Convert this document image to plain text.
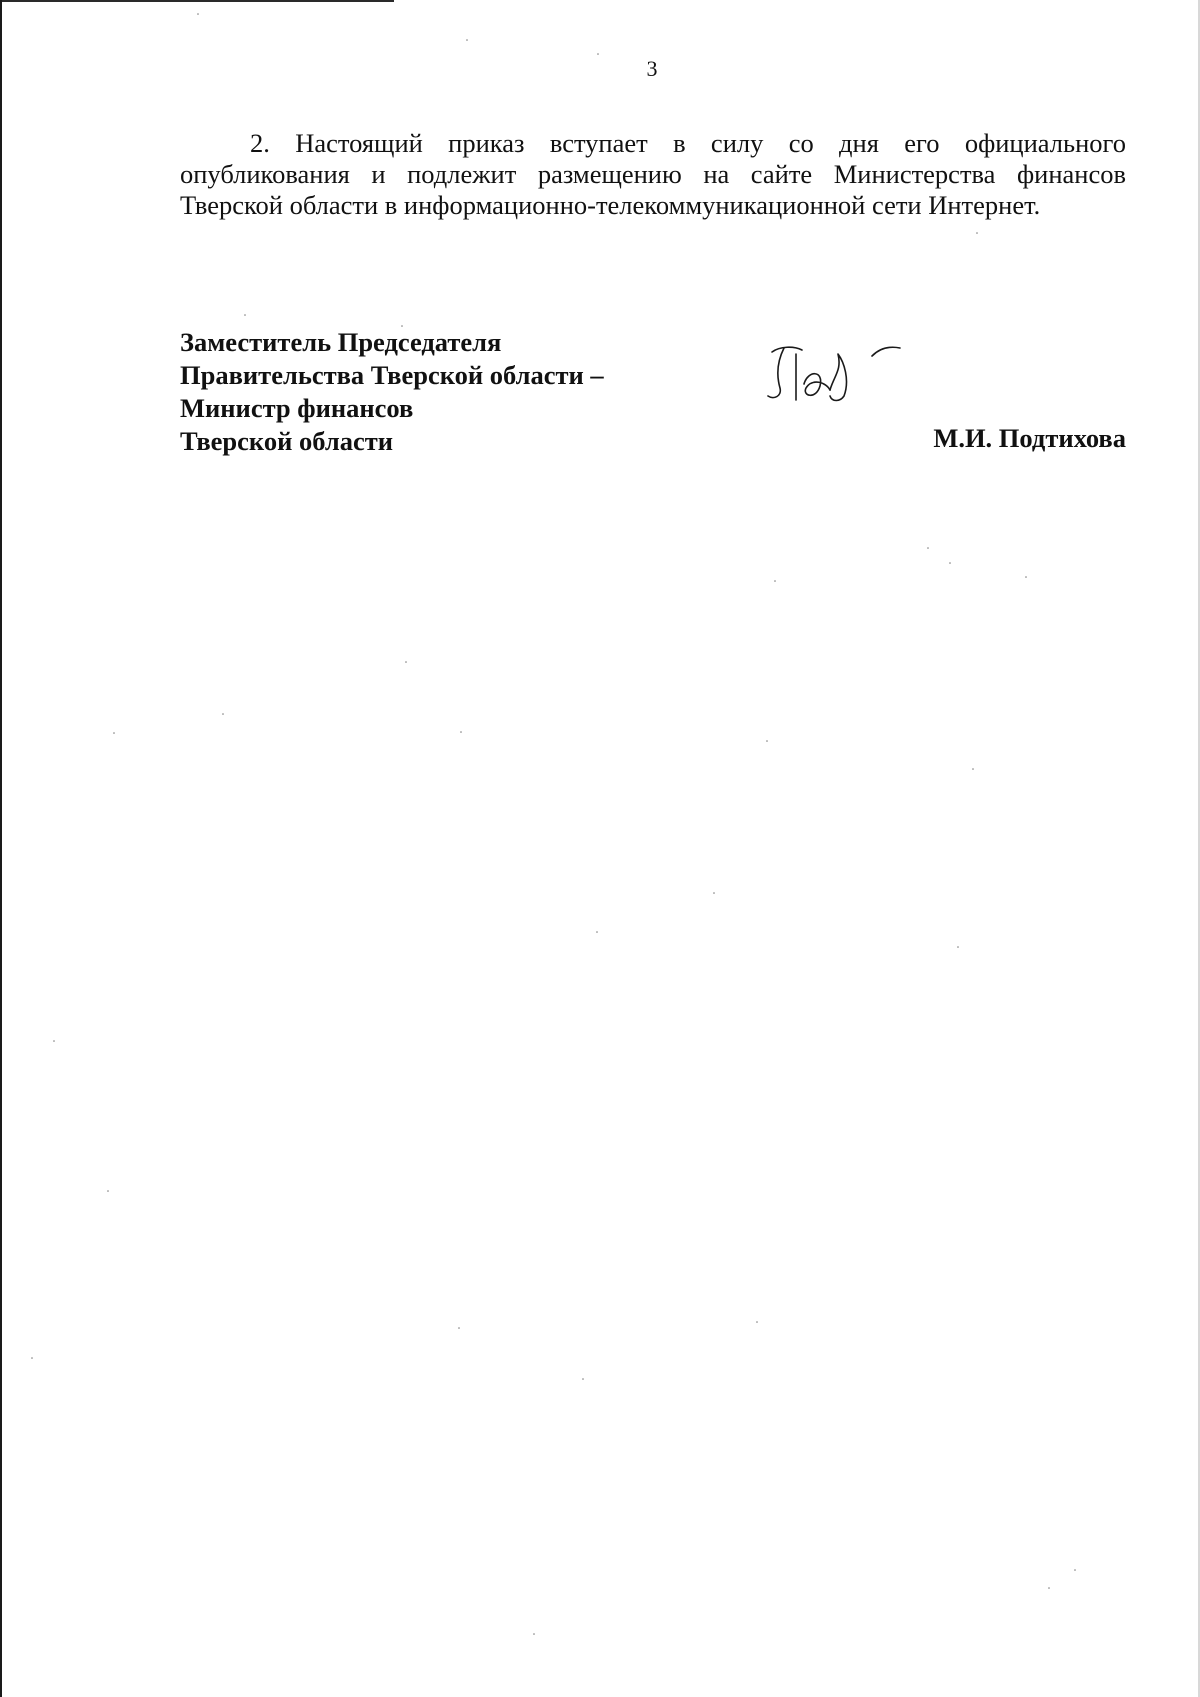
3

2. Настоящий приказ вступает в силу со дня его официального опубликования и подлежит размещению на сайте Министерства финансов Тверской области в информационно-телекоммуникационной сети Интернет.

Заместитель Председателя
Правительства Тверской области –
Министр финансов
Тверской области	М.И. Подтихова
